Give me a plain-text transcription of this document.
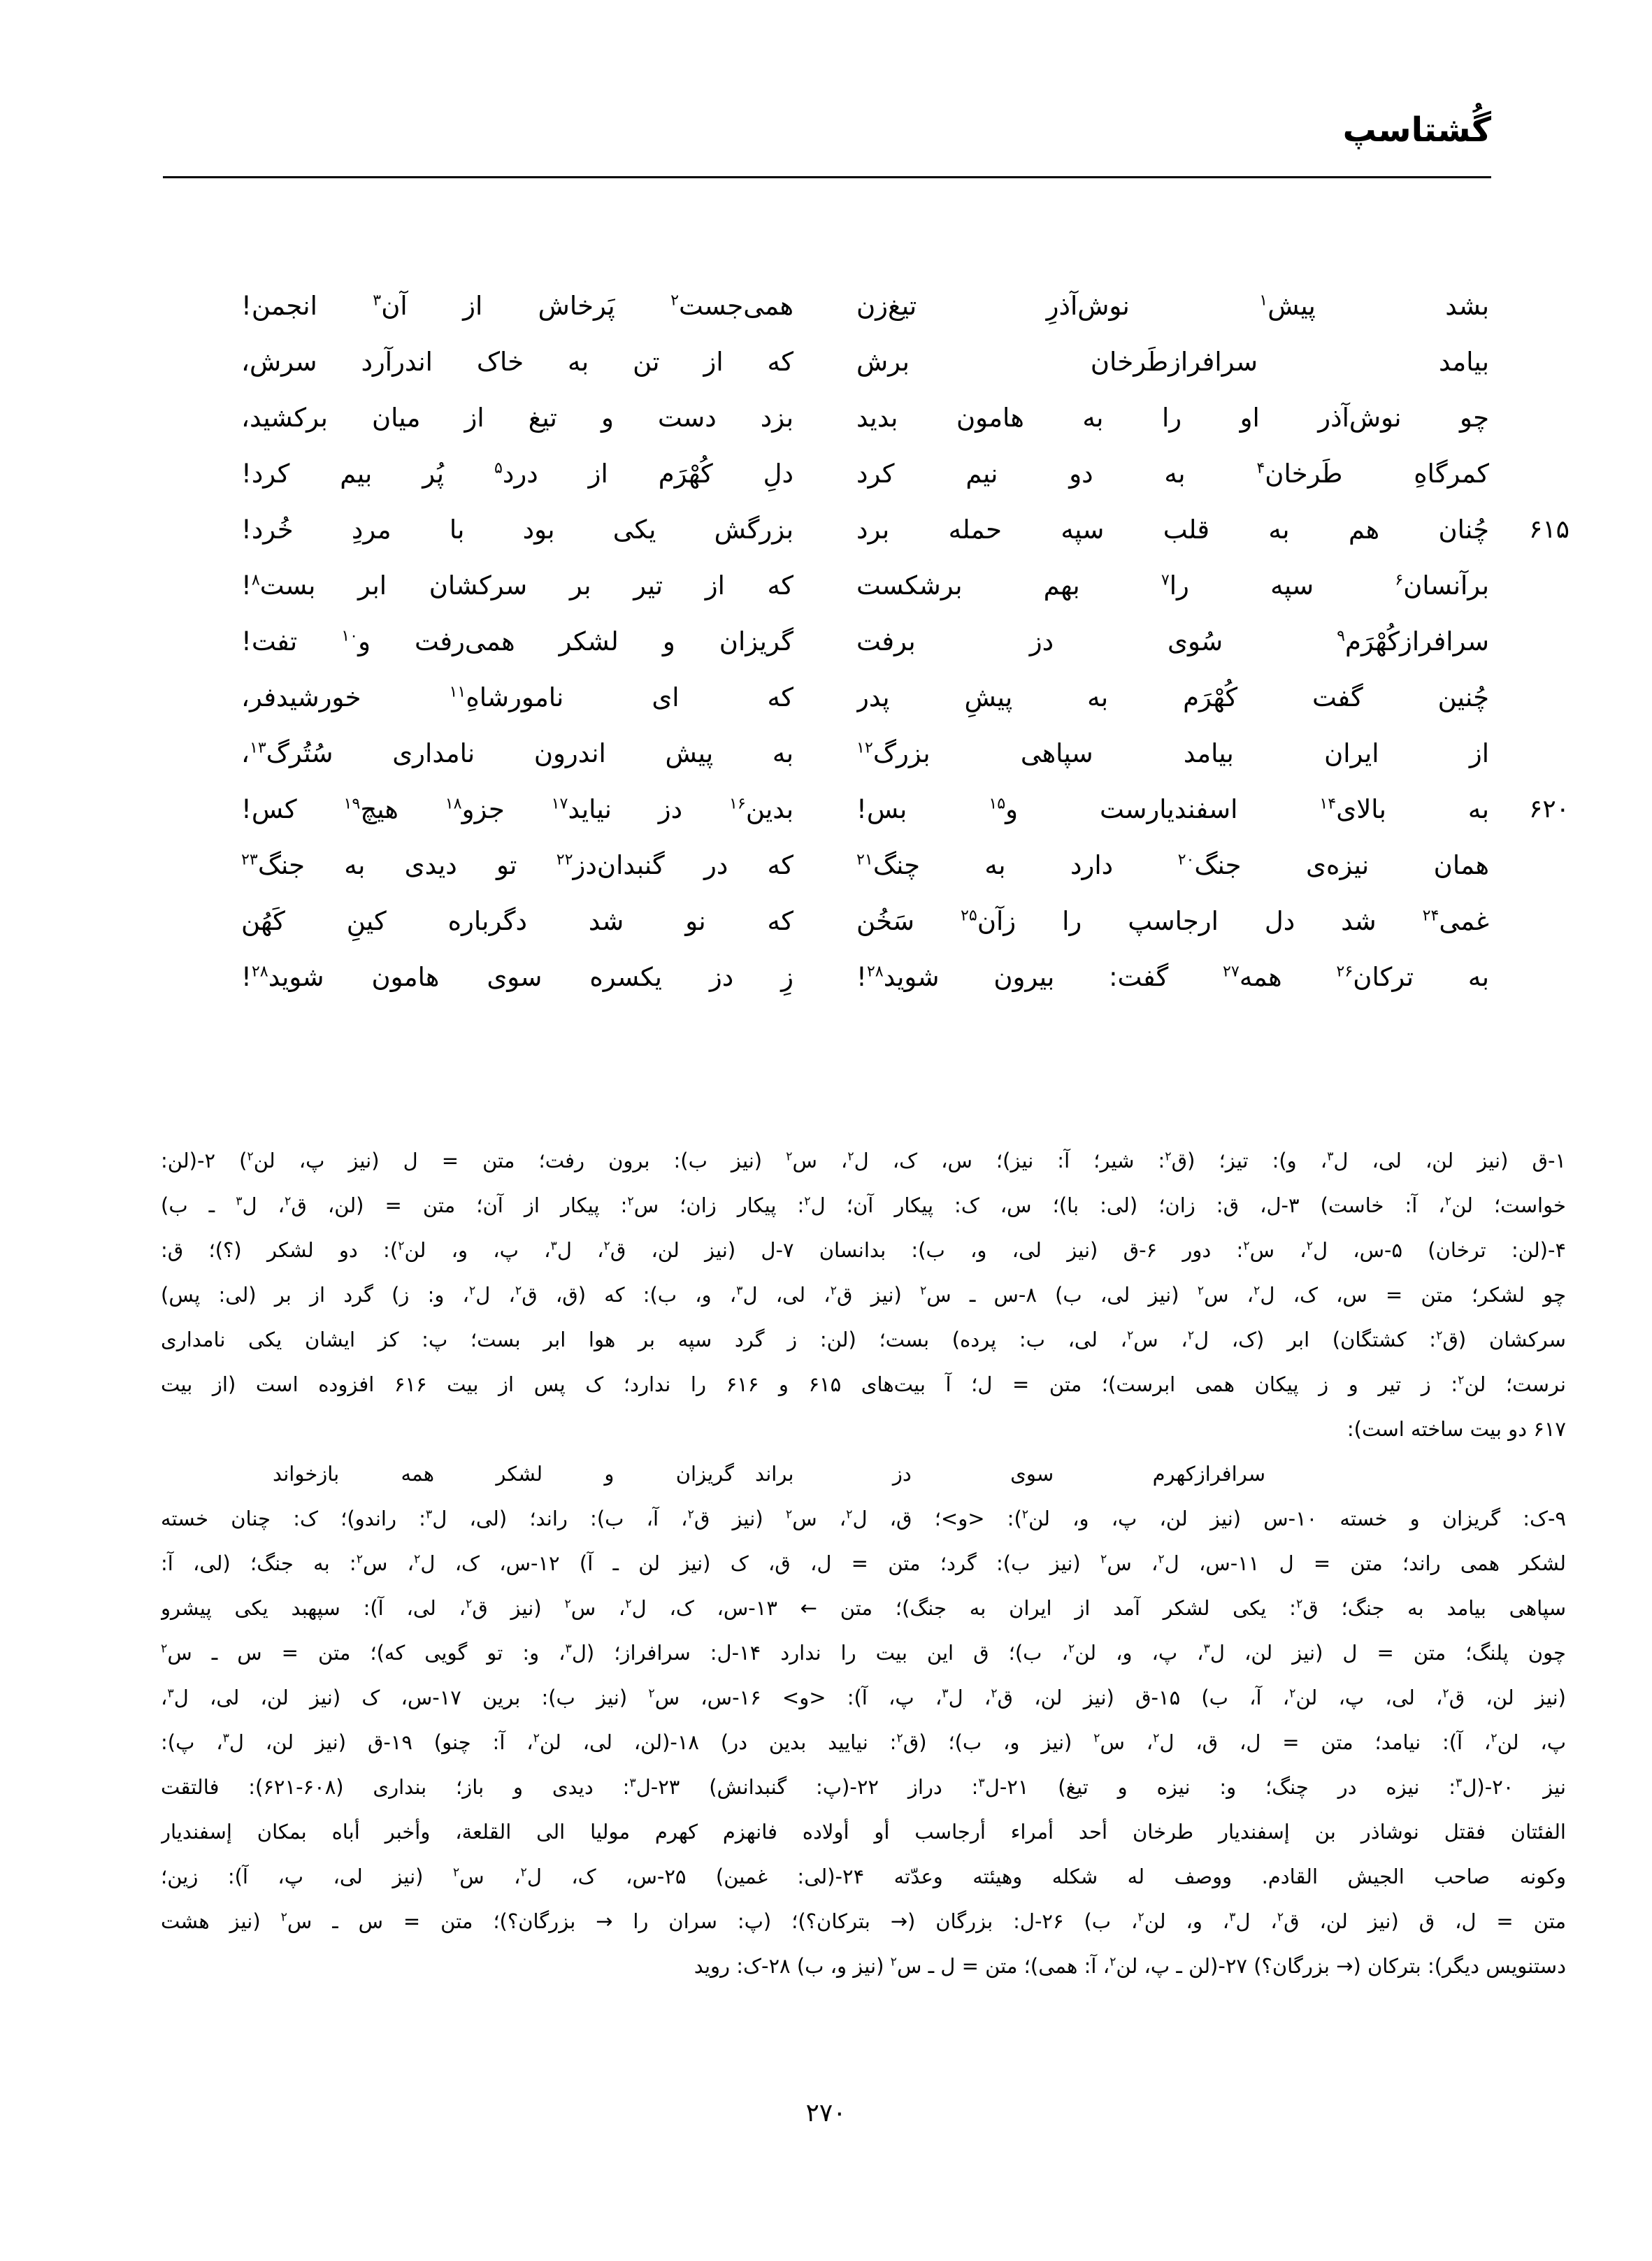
گُشتاسپ
بشد پیش$^۱$ نوش‌آذرِ تیغ‌زن
همی‌جست$^۲$ پَرخاش از آن$^۳$ انجمن!
بیامد سرافرازطَرخان برش
که از تن به خاک اندرآرد سرش،
چو نوش‌آذر او را به هامون بدید
بزد دست و تیغ از میان برکشید،
کمرگاهِ طَرخان$^۴$ به دو نیم کرد
دلِ کُهْرَم از درد$^۵$ پُر بیم کرد!
۶۱۵
چُنان هم به قلب سپه حمله برد
بزرگش یکی بود با مردِ خُرد!
برآنسان$^۶$ سپه را$^۷$ بهم برشکست
که از تیر بر سرکشان ابر بست$^۸$!
سرافرازکُهْرَم$^۹$ سُوی دز برفت
گریزان و لشکر همی‌رفت و$^{۱۰}$ تفت!
چُنین گفت کُهْرَم به پیشِ پدر
که ای نامورشاهِ$^{۱۱}$ خورشیدفر،
از ایران بیامد سپاهی بزرگ$^{۱۲}$
به پیش اندرون نامداری سُتُرگ$^{۱۳}$،
۶۲۰
به بالای$^{۱۴}$ اسفندیارست و$^{۱۵}$ بس!
بدین$^{۱۶}$ دز نیاید$^{۱۷}$ جزو$^{۱۸}$ هیچ$^{۱۹}$ کس!
همان نیزه‌ی جنگ$^{۲۰}$ دارد به چنگ$^{۲۱}$
که در گنبدان‌دز$^{۲۲}$ تو دیدی به جنگ$^{۲۳}$
غمی$^{۲۴}$ شد دل ارجاسپ را زآن$^{۲۵}$ سَخُن
که نو شد دگرباره کینِ کَهُن
به ترکان$^{۲۶}$ همه$^{۲۷}$ گفت: بیرون شوید$^{۲۸}$!
زِ دز یکسره سوی هامون شوید$^{۲۸}$!
۱-ق (نیز لن، لی، ل$^۳$، و): تیز؛ (ق$^۲$: شیر؛ آ: نیز)؛ س، ک، ل$^۲$، س$^۲$ (نیز ب): برون رفت؛ متن = ل (نیز پ، لن$^۲$) ۲-(لن:
خواست؛ لن$^۲$، آ: خاست) ۳-ل، ق: زان؛ (لی: با)؛ س، ک: پیکار آن؛ ل$^۲$: پیکار زان؛ س$^۲$: پیکار از آن؛ متن = (لن، ق$^۲$، ل$^۳$ ـ ب)
۴-(لن: ترخان) ۵-س، ل$^۲$، س$^۲$: دور ۶-ق (نیز لی، و، ب): بدانسان ۷-ل (نیز لن، ق$^۲$، ل$^۳$، پ، و، لن$^۲$): دو لشکر (؟)؛ ق:
چو لشکر؛ متن = س، ک، ل$^۲$، س$^۲$ (نیز لی، ب) ۸-س ـ س$^۲$ (نیز ق$^۲$، لی، ل$^۳$، و، ب): که (ق، ق$^۲$، ل$^۲$، و: ز) گرد از بر (لی: پس)
سرکشان (ق$^۲$: کشتگان) ابر (ک، ل$^۲$، س$^۲$، لی، ب: پرده) بست؛ (لن: ز گرد سپه بر هوا ابر بست؛ پ: کز ایشان یکی نامداری
نرست؛ لن$^۲$: ز تیر و ز پیکان همی ابرست)؛ متن = ل؛ آ بیت‌های ۶۱۵ و ۶۱۶ را ندارد؛ ک پس از بیت ۶۱۶ افزوده است (از بیت
۶۱۷ دو بیت ساخته است):
سرافرازکهرم سوی دز براند
گریزان و لشکر همه بازخواند
۹-ک: گریزان و خسته ۱۰-س (نیز لن، پ، و، لن$^۲$): <و>؛ ق، ل$^۲$، س$^۲$ (نیز ق$^۲$، آ، ب): راند؛ (لی، ل$^۳$: راندو)؛ ک: چنان خسته
لشکر همی راند؛ متن = ل ۱۱-س، ل$^۲$، س$^۲$ (نیز ب): گرد؛ متن = ل، ق، ک (نیز لن ـ آ) ۱۲-س، ک، ل$^۲$، س$^۲$: به جنگ؛ (لی، آ:
سپاهی بیامد به جنگ؛ ق$^۲$: یکی لشکر آمد از ایران به جنگ)؛ متن ← ۱۳-س، ک، ل$^۲$، س$^۲$ (نیز ق$^۲$، لی، آ): سپهبد یکی پیشرو
چون پلنگ؛ متن = ل (نیز لن، ل$^۳$، پ، و، لن$^۲$، ب)؛ ق این بیت را ندارد ۱۴-ل: سرافراز؛ (ل$^۳$، و: تو گویی که)؛ متن = س ـ س$^۲$
(نیز لن، ق$^۲$، لی، پ، لن$^۲$، آ، ب) ۱۵-ق (نیز لن، ق$^۲$، ل$^۳$، پ، آ): <و> ۱۶-س، س$^۲$ (نیز ب): برین ۱۷-س، ک (نیز لن، لی، ل$^۳$،
پ، لن$^۲$، آ): نیامد؛ متن = ل، ق، ل$^۲$، س$^۲$ (نیز و، ب)؛ (ق$^۲$: نیایید بدین در) ۱۸-(لن، لی، لن$^۲$، آ: چنو) ۱۹-ق (نیز لن، ل$^۳$، پ):
نیز ۲۰-(ل$^۳$: نیزه در چنگ؛ و: نیزه و تیغ) ۲۱-ل$^۳$: دراز ۲۲-(پ: گنبدانش) ۲۳-ل$^۳$: دیدی و باز؛ بنداری (۶۰۸-۶۲۱): فالتقت
الفئتان فقتل نوشاذر بن إسفندیار طرخان أحد أمراء أرجاسب أو أولاده فانهزم کهرم مولیا الی القلعة، وأخبر أباه بمکان إسفندیار
وکونه صاحب الجیش القادم. ووصف له شکله وهیئته وعدّته ۲۴-(لی: غمین) ۲۵-س، ک، ل$^۲$، س$^۲$ (نیز لی، پ، آ): زین؛
متن = ل، ق (نیز لن، ق$^۲$، ل$^۳$، و، لن$^۲$، ب) ۲۶-ل: بزرگان (→ بترکان؟)؛ (پ: سران را → بزرگان؟)؛ متن = س ـ س$^۲$ (نیز هشت
دستنویس دیگر): بترکان (→ بزرگان؟) ۲۷-(لن ـ پ، لن$^۲$، آ: همی)؛ متن = ل ـ س$^۲$ (نیز و، ب) ۲۸-ک: روید
۲۷۰
